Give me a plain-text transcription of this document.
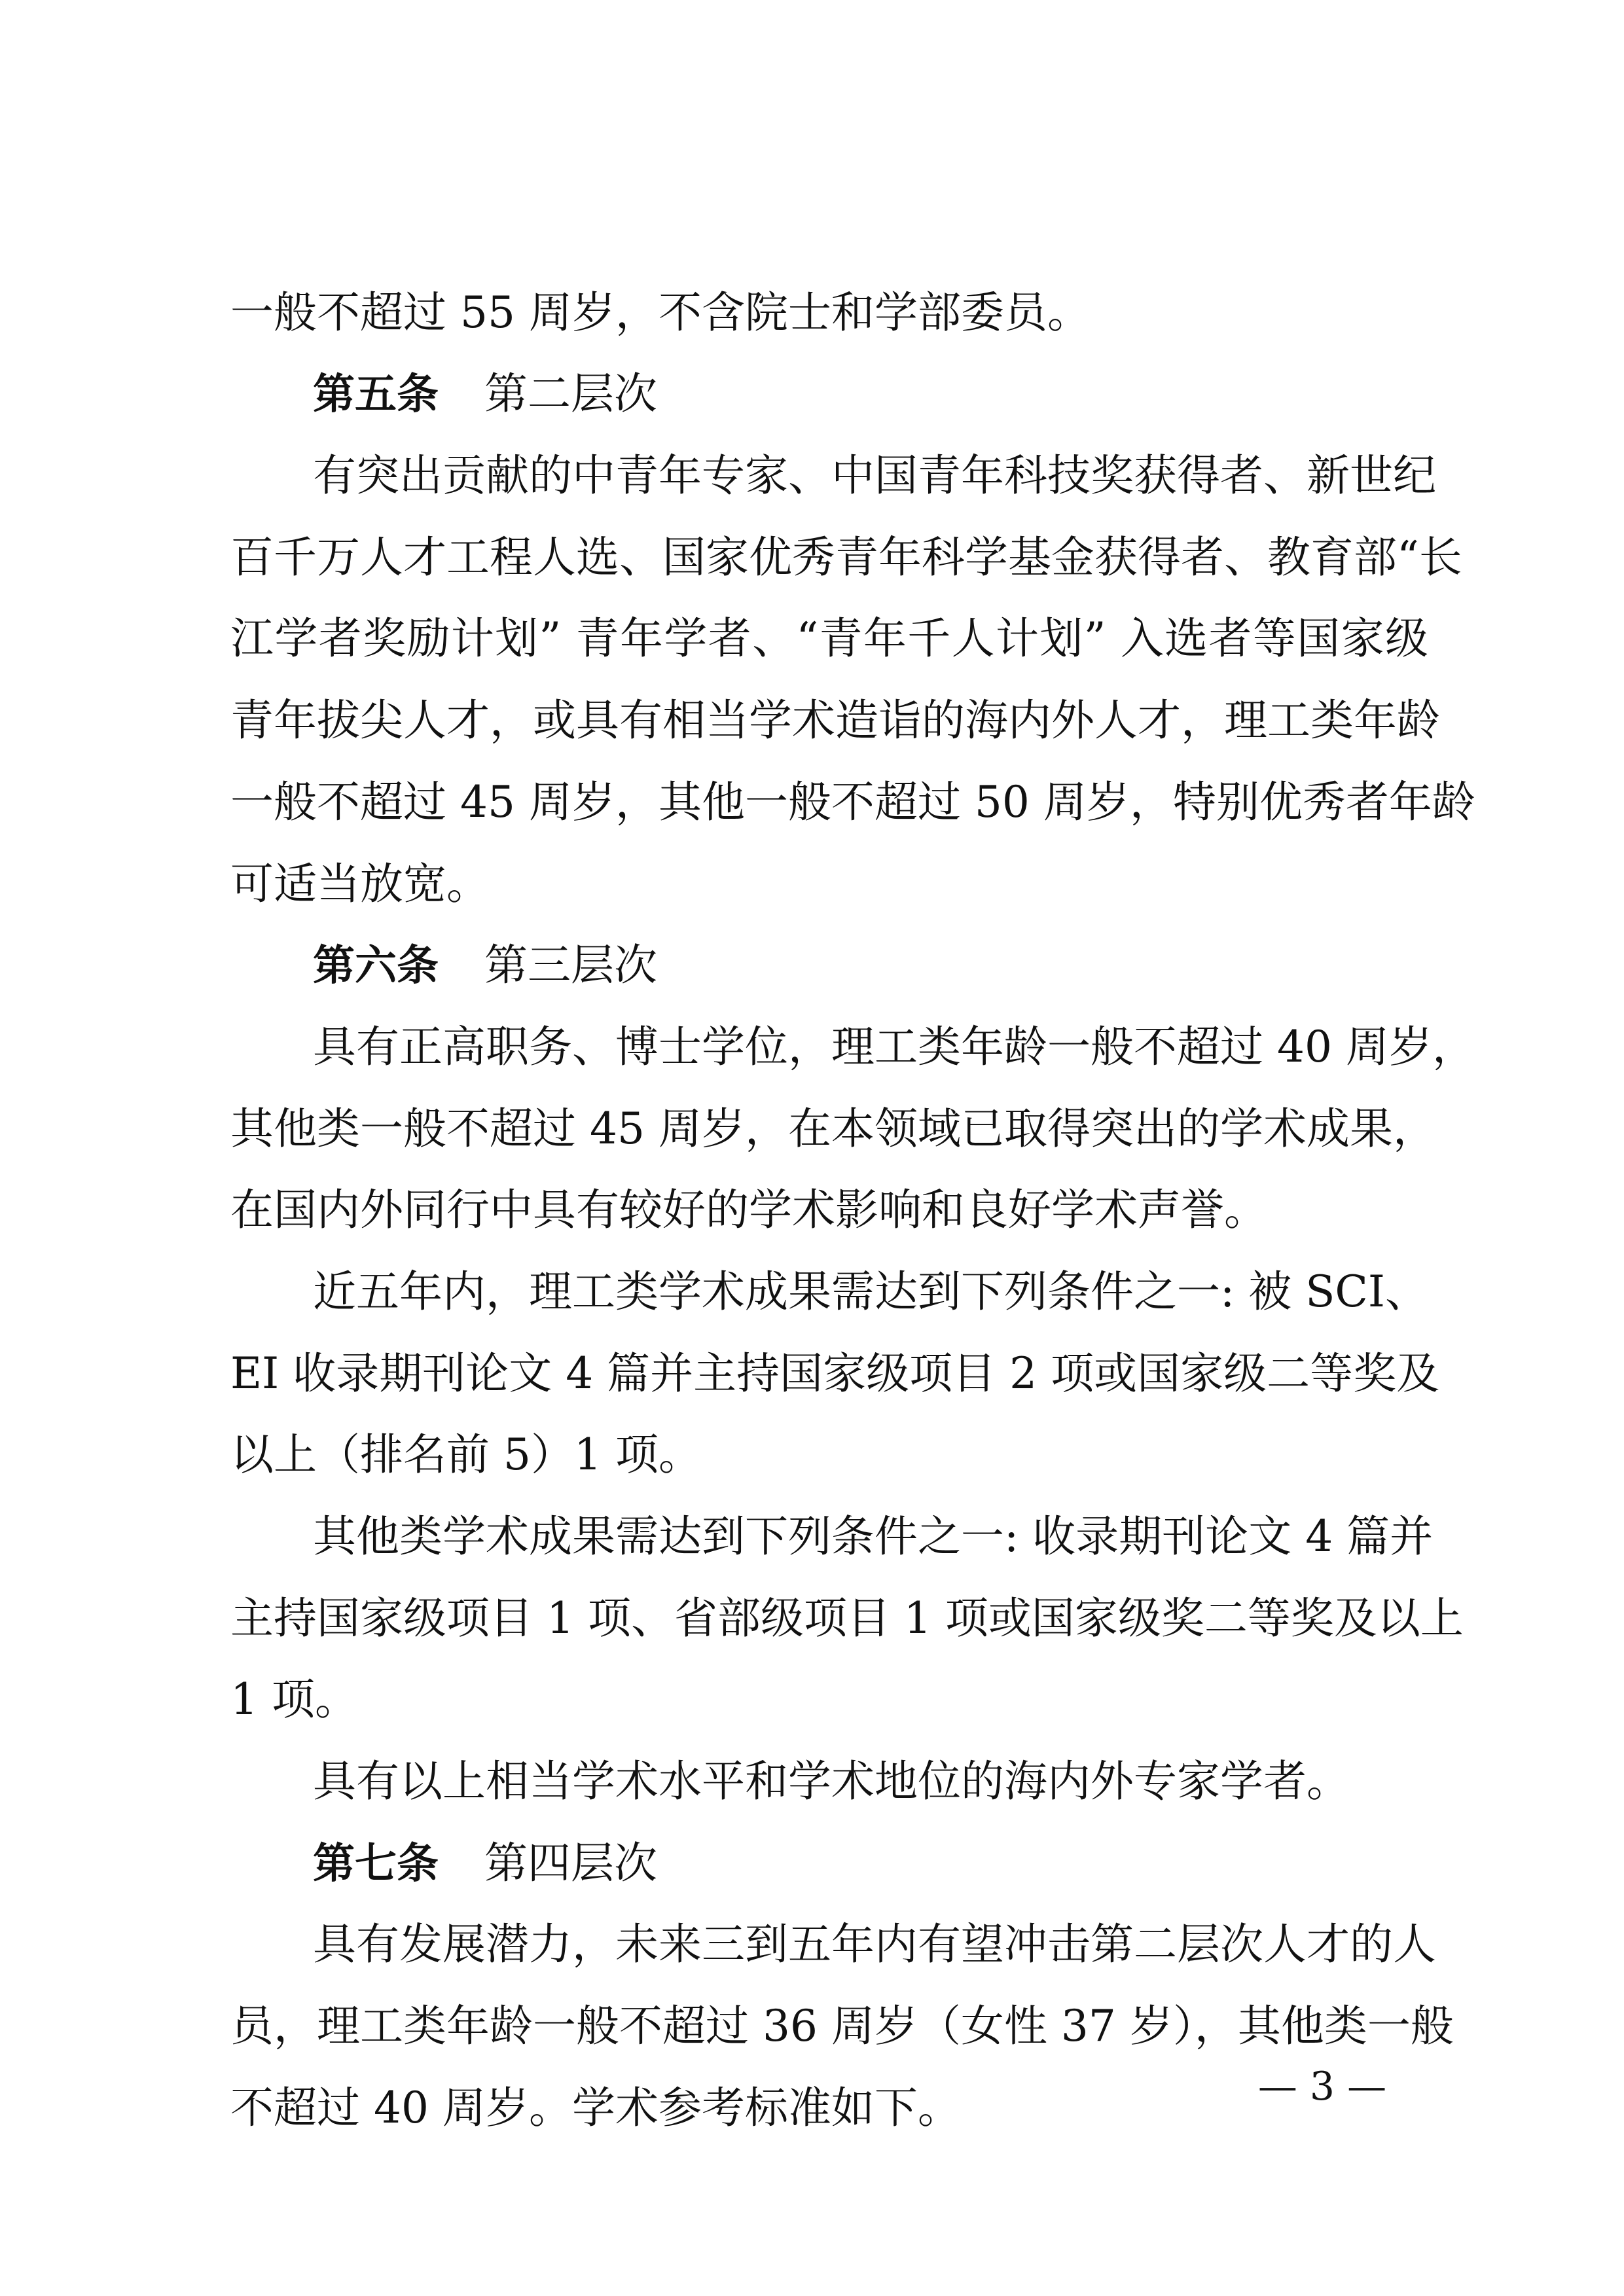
一般不超过 55 周岁，不含院士和学部委员。
第五条 第二层次
有突出贡献的中青年专家、中国青年科技奖获得者、新世纪
百千万人才工程人选、国家优秀青年科学基金获得者、教育部“长
江学者奖励计划” 青年学者、“青年千人计划” 入选者等国家级
青年拔尖人才，或具有相当学术造诣的海内外人才，理工类年龄
一般不超过 45 周岁，其他一般不超过 50 周岁，特别优秀者年龄
可适当放宽。
第六条 第三层次
具有正高职务、博士学位，理工类年龄一般不超过 40 周岁，
其他类一般不超过 45 周岁，在本领域已取得突出的学术成果，
在国内外同行中具有较好的学术影响和良好学术声誉。
近五年内，理工类学术成果需达到下列条件之一: 被 SCI、
EI 收录期刊论文 4 篇并主持国家级项目 2 项或国家级二等奖及
以上（排名前 5）1 项。
其他类学术成果需达到下列条件之一: 收录期刊论文 4 篇并
主持国家级项目 1 项、省部级项目 1 项或国家级奖二等奖及以上
1 项。
具有以上相当学术水平和学术地位的海内外专家学者。
第七条 第四层次
具有发展潜力，未来三到五年内有望冲击第二层次人才的人
员，理工类年龄一般不超过 36 周岁（女性 37 岁），其他类一般
不超过 40 周岁。学术参考标准如下。	— 3 —
